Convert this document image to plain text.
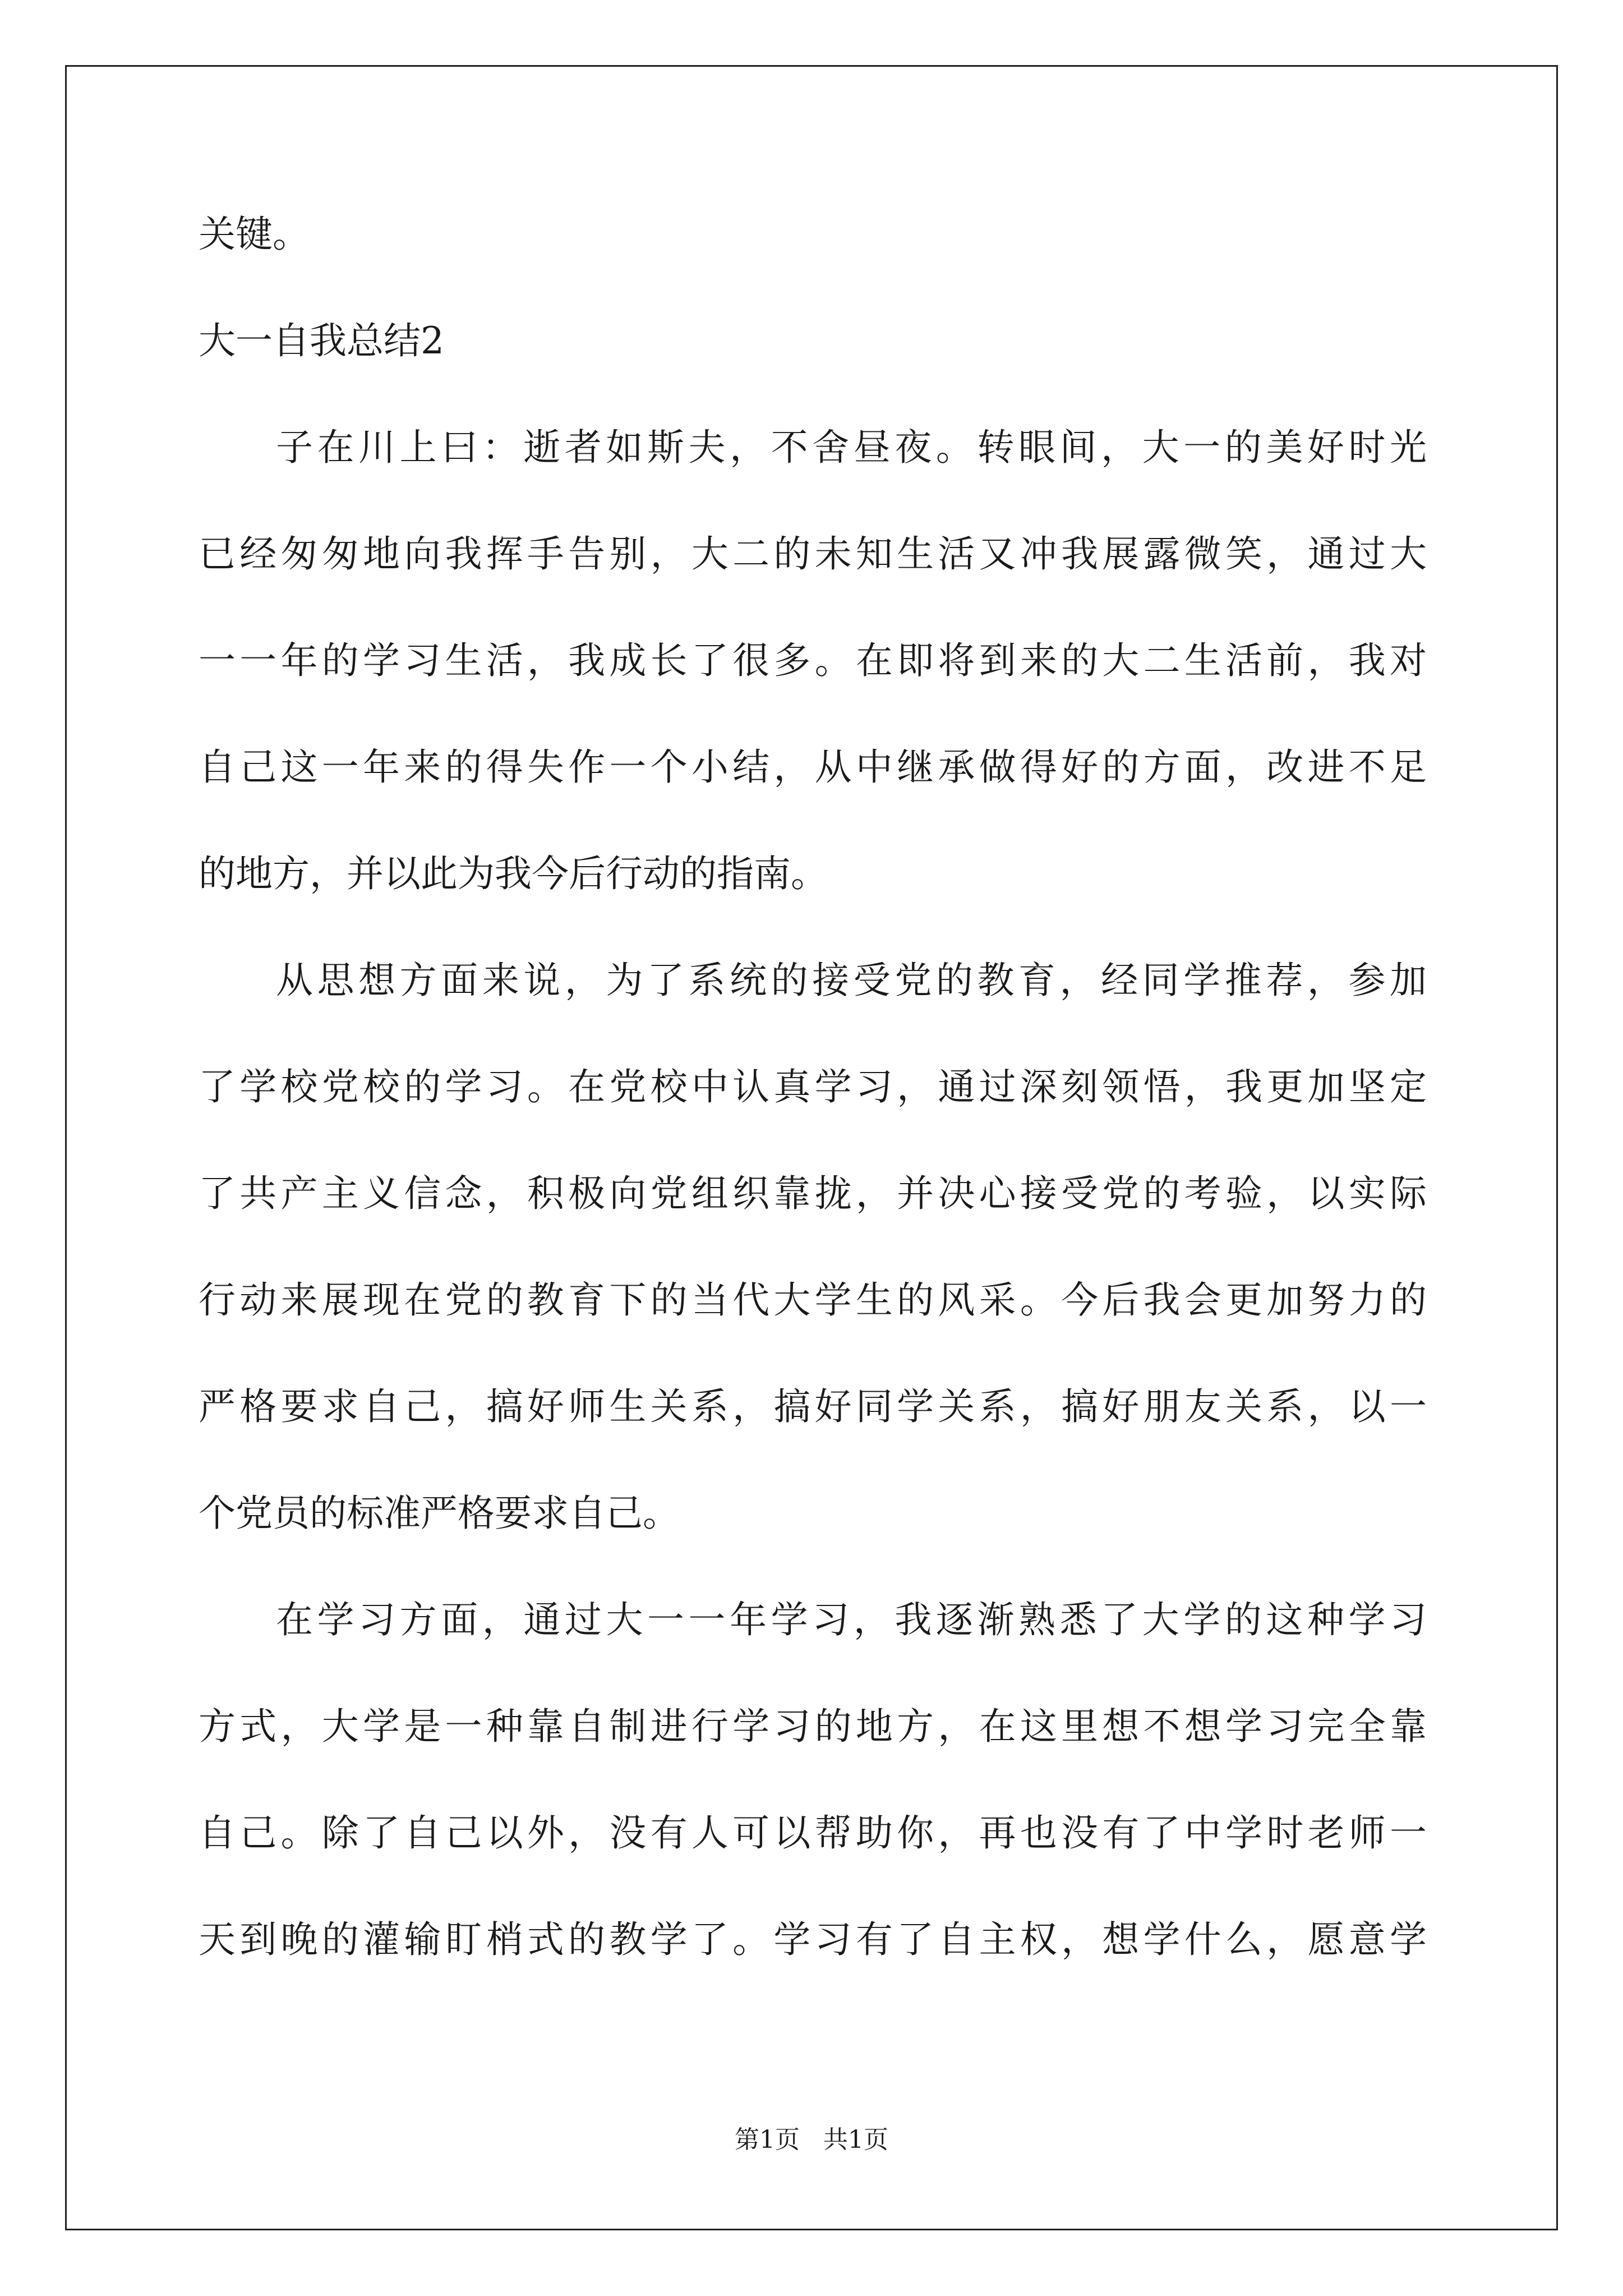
关键。
大一自我总结2
子在川上曰：逝者如斯夫，不舍昼夜。转眼间，大一的美好时光
已经匆匆地向我挥手告别，大二的未知生活又冲我展露微笑，通过大
一一年的学习生活，我成长了很多。在即将到来的大二生活前，我对
自己这一年来的得失作一个小结，从中继承做得好的方面，改进不足
的地方，并以此为我今后行动的指南。
从思想方面来说，为了系统的接受党的教育，经同学推荐，参加
了学校党校的学习。在党校中认真学习，通过深刻领悟，我更加坚定
了共产主义信念，积极向党组织靠拢，并决心接受党的考验，以实际
行动来展现在党的教育下的当代大学生的风采。今后我会更加努力的
严格要求自己，搞好师生关系，搞好同学关系，搞好朋友关系，以一
个党员的标准严格要求自己。
在学习方面，通过大一一年学习，我逐渐熟悉了大学的这种学习
方式，大学是一种靠自制进行学习的地方，在这里想不想学习完全靠
自己。除了自己以外，没有人可以帮助你，再也没有了中学时老师一
天到晚的灌输盯梢式的教学了。学习有了自主权，想学什么，愿意学
第1页   共1页
